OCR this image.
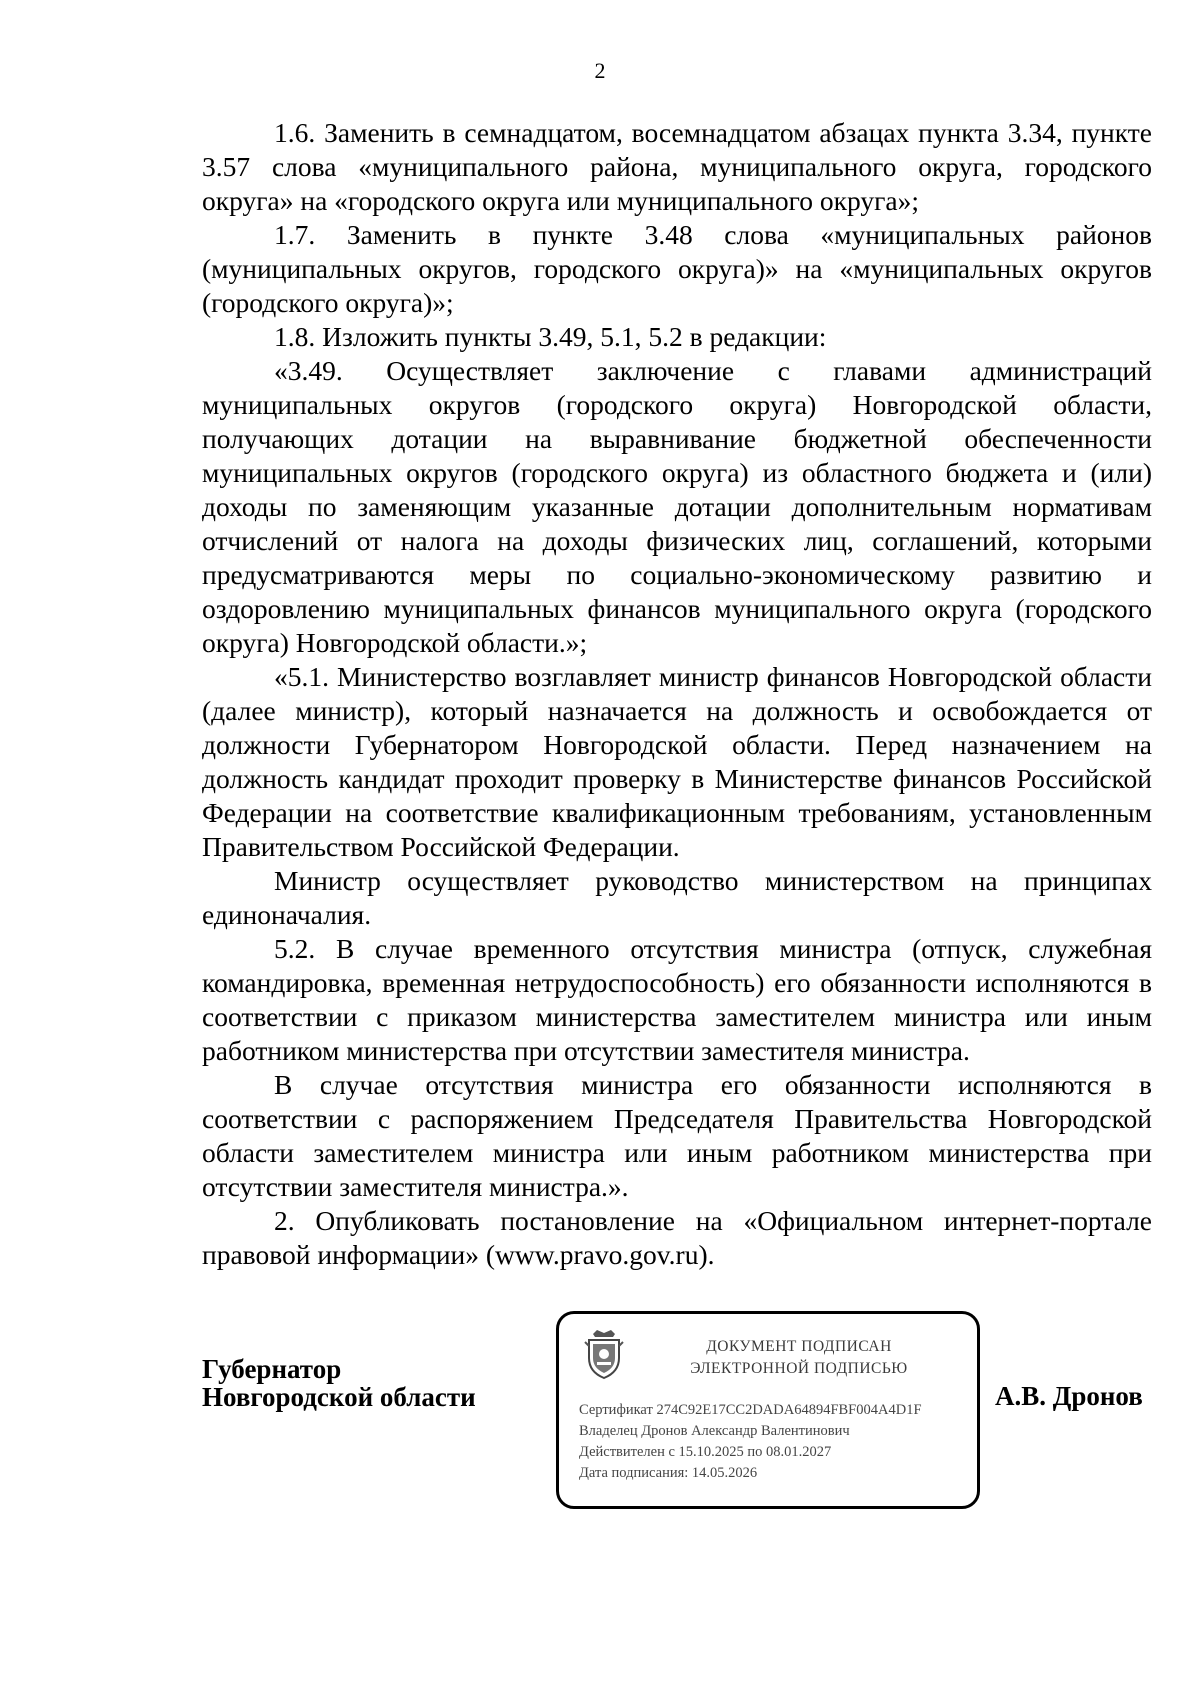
2

1.6. Заменить в семнадцатом, восемнадцатом абзацах пункта 3.34, пункте 3.57 слова «муниципального района, муниципального округа, городского округа» на «городского округа или муниципального округа»;

1.7. Заменить в пункте 3.48 слова «муниципальных районов (муниципальных округов, городского округа)» на «муниципальных округов (городского округа)»;

1.8. Изложить пункты 3.49, 5.1, 5.2 в редакции:

«3.49. Осуществляет заключение с главами администраций муниципальных округов (городского округа) Новгородской области, получающих дотации на выравнивание бюджетной обеспеченности муниципальных округов (городского округа) из областного бюджета и (или) доходы по заменяющим указанные дотации дополнительным нормативам отчислений от налога на доходы физических лиц, соглашений, которыми предусматриваются меры по социально-экономическому развитию и оздоровлению муниципальных финансов муниципального округа (городского округа) Новгородской области.»;

«5.1. Министерство возглавляет министр финансов Новгородской области (далее министр), который назначается на должность и освобождается от должности Губернатором Новгородской области. Перед назначением на должность кандидат проходит проверку в Министерстве финансов Российской Федерации на соответствие квалификационным требованиям, установленным Правительством Российской Федерации.

Министр осуществляет руководство министерством на принципах единоначалия.

5.2. В случае временного отсутствия министра (отпуск, служебная командировка, временная нетрудоспособность) его обязанности исполняются в соответствии с приказом министерства заместителем министра или иным работником министерства при отсутствии заместителя министра.

В случае отсутствия министра его обязанности исполняются в соответствии с распоряжением Председателя Правительства Новгородской области заместителем министра или иным работником министерства при отсутствии заместителя министра.».

2. Опубликовать постановление на «Официальном интернет-портале правовой информации» (www.pravo.gov.ru).

Губернатор
Новгородской области
ДОКУМЕНТ ПОДПИСАН
ЭЛЕКТРОННОЙ ПОДПИСЬЮ
Сертификат 274C92E17CC2DADA64894FBF004A4D1F
Владелец Дронов Александр Валентинович
Действителен с 15.10.2025 по 08.01.2027
Дата подписания: 14.05.2026
А.В. Дронов
